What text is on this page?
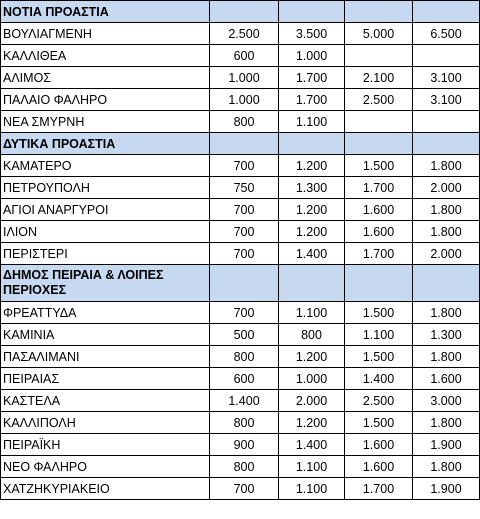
ΝΟΤΙΑ ΠΡΟΑΣΤΙΑ				
ΒΟΥΛΙΑΓΜΕΝΗ	2.500	3.500	5.000	6.500
ΚΑΛΛΙΘΕΑ	600	1.000		
ΑΛΙΜΟΣ	1.000	1.700	2.100	3.100
ΠΑΛΑΙΟ ΦΑΛΗΡΟ	1.000	1.700	2.500	3.100
ΝΕΑ ΣΜΥΡΝΗ	800	1.100		
ΔΥΤΙΚΑ ΠΡΟΑΣΤΙΑ				
ΚΑΜΑΤΕΡΟ	700	1.200	1.500	1.800
ΠΕΤΡΟΥΠΟΛΗ	750	1.300	1.700	2.000
ΑΓΙΟΙ ΑΝΑΡΓΥΡΟΙ	700	1.200	1.600	1.800
ΙΛΙΟΝ	700	1.200	1.600	1.800
ΠΕΡΙΣΤΕΡΙ	700	1.400	1.700	2.000
ΔΗΜΟΣ ΠΕΙΡΑΙΑ & ΛΟΙΠΕΣ ΠΕΡΙΟΧΕΣ				
ΦΡΕΑΤΤΥΔΑ	700	1.100	1.500	1.800
ΚΑΜΙΝΙΑ	500	800	1.100	1.300
ΠΑΣΑΛΙΜΑΝΙ	800	1.200	1.500	1.800
ΠΕΙΡΑΙΑΣ	600	1.000	1.400	1.600
ΚΑΣΤΕΛΑ	1.400	2.000	2.500	3.000
ΚΑΛΛΙΠΟΛΗ	800	1.200	1.500	1.800
ΠΕΙΡΑΪΚΗ	900	1.400	1.600	1.900
ΝΕΟ ΦΑΛΗΡΟ	800	1.100	1.600	1.800
ΧΑΤΖΗΚΥΡΙΑΚΕΙΟ	700	1.100	1.700	1.900
